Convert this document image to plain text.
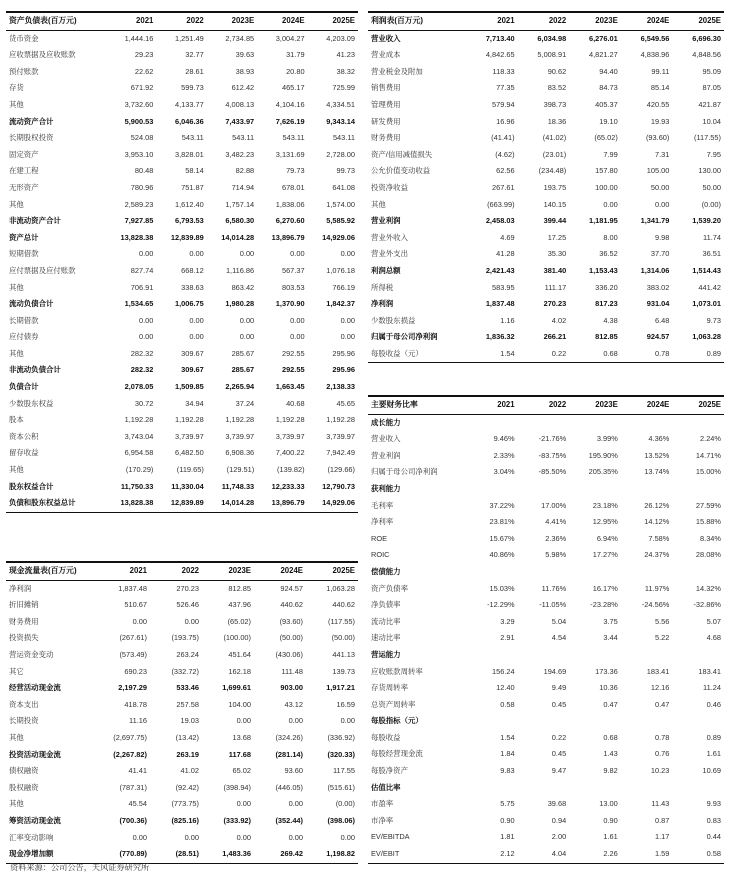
资产负债表(百万元)	2021	2022	2023E	2024E	2025E
货币资金	1,444.16	1,251.49	2,734.85	3,004.27	4,203.09
应收票据及应收账款	29.23	32.77	39.63	31.79	41.23
预付账款	22.62	28.61	38.93	20.80	38.32
存货	671.92	599.73	612.42	465.17	725.99
其他	3,732.60	4,133.77	4,008.13	4,104.16	4,334.51
流动资产合计	5,900.53	6,046.36	7,433.97	7,626.19	9,343.14
长期股权投资	524.08	543.11	543.11	543.11	543.11
固定资产	3,953.10	3,828.01	3,482.23	3,131.69	2,728.00
在建工程	80.48	58.14	82.88	79.73	99.73
无形资产	780.96	751.87	714.94	678.01	641.08
其他	2,589.23	1,612.40	1,757.14	1,838.06	1,574.00
非流动资产合计	7,927.85	6,793.53	6,580.30	6,270.60	5,585.92
资产总计	13,828.38	12,839.89	14,014.28	13,896.79	14,929.06
短期借款	0.00	0.00	0.00	0.00	0.00
应付票据及应付账款	827.74	668.12	1,116.86	567.37	1,076.18
其他	706.91	338.63	863.42	803.53	766.19
流动负债合计	1,534.65	1,006.75	1,980.28	1,370.90	1,842.37
长期借款	0.00	0.00	0.00	0.00	0.00
应付债券	0.00	0.00	0.00	0.00	0.00
其他	282.32	309.67	285.67	292.55	295.96
非流动负债合计	282.32	309.67	285.67	292.55	295.96
负债合计	2,078.05	1,509.85	2,265.94	1,663.45	2,138.33
少数股东权益	30.72	34.94	37.24	40.68	45.65
股本	1,192.28	1,192.28	1,192.28	1,192.28	1,192.28
资本公积	3,743.04	3,739.97	3,739.97	3,739.97	3,739.97
留存收益	6,954.58	6,482.50	6,908.36	7,400.22	7,942.49
其他	(170.29)	(119.65)	(129.51)	(139.82)	(129.66)
股东权益合计	11,750.33	11,330.04	11,748.33	12,233.33	12,790.73
负债和股东权益总计	13,828.38	12,839.89	14,014.28	13,896.79	14,929.06
利润表(百万元)	2021	2022	2023E	2024E	2025E
营业收入	7,713.40	6,034.98	6,276.01	6,549.56	6,696.30
营业成本	4,842.65	5,008.91	4,821.27	4,838.96	4,848.56
营业税金及附加	118.33	90.62	94.40	99.11	95.09
销售费用	77.35	83.52	84.73	85.14	87.05
管理费用	579.94	398.73	405.37	420.55	421.87
研发费用	16.96	18.36	19.10	19.93	10.04
财务费用	(41.41)	(41.02)	(65.02)	(93.60)	(117.55)
资产/信用减值损失	(4.62)	(23.01)	7.99	7.31	7.95
公允价值变动收益	62.56	(234.48)	157.80	105.00	130.00
投资净收益	267.61	193.75	100.00	50.00	50.00
其他	(663.99)	140.15	0.00	0.00	(0.00)
营业利润	2,458.03	399.44	1,181.95	1,341.79	1,539.20
营业外收入	4.69	17.25	8.00	9.98	11.74
营业外支出	41.28	35.30	36.52	37.70	36.51
利润总额	2,421.43	381.40	1,153.43	1,314.06	1,514.43
所得税	583.95	111.17	336.20	383.02	441.42
净利润	1,837.48	270.23	817.23	931.04	1,073.01
少数股东损益	1.16	4.02	4.38	6.48	9.73
归属于母公司净利润	1,836.32	266.21	812.85	924.57	1,063.28
每股收益（元）	1.54	0.22	0.68	0.78	0.89
主要财务比率	2021	2022	2023E	2024E	2025E
成长能力					
营业收入	9.46%	-21.76%	3.99%	4.36%	2.24%
营业利润	2.33%	-83.75%	195.90%	13.52%	14.71%
归属于母公司净利润	3.04%	-85.50%	205.35%	13.74%	15.00%
获利能力					
毛利率	37.22%	17.00%	23.18%	26.12%	27.59%
净利率	23.81%	4.41%	12.95%	14.12%	15.88%
ROE	15.67%	2.36%	6.94%	7.58%	8.34%
ROIC	40.86%	5.98%	17.27%	24.37%	28.08%
偿债能力					
资产负债率	15.03%	11.76%	16.17%	11.97%	14.32%
净负债率	-12.29%	-11.05%	-23.28%	-24.56%	-32.86%
流动比率	3.29	5.04	3.75	5.56	5.07
速动比率	2.91	4.54	3.44	5.22	4.68
营运能力					
应收账款周转率	156.24	194.69	173.36	183.41	183.41
存货周转率	12.40	9.49	10.36	12.16	11.24
总资产周转率	0.58	0.45	0.47	0.47	0.46
每股指标（元）					
每股收益	1.54	0.22	0.68	0.78	0.89
每股经营现金流	1.84	0.45	1.43	0.76	1.61
每股净资产	9.83	9.47	9.82	10.23	10.69
估值比率					
市盈率	5.75	39.68	13.00	11.43	9.93
市净率	0.90	0.94	0.90	0.87	0.83
EV/EBITDA	1.81	2.00	1.61	1.17	0.44
EV/EBIT	2.12	4.04	2.26	1.59	0.58
现金流量表(百万元)	2021	2022	2023E	2024E	2025E
净利润	1,837.48	270.23	812.85	924.57	1,063.28
折旧摊销	510.67	526.46	437.96	440.62	440.62
财务费用	0.00	0.00	(65.02)	(93.60)	(117.55)
投资损失	(267.61)	(193.75)	(100.00)	(50.00)	(50.00)
营运资金变动	(573.49)	263.24	451.64	(430.06)	441.13
其它	690.23	(332.72)	162.18	111.48	139.73
经营活动现金流	2,197.29	533.46	1,699.61	903.00	1,917.21
资本支出	418.78	257.58	104.00	43.12	16.59
长期投资	11.16	19.03	0.00	0.00	0.00
其他	(2,697.75)	(13.42)	13.68	(324.26)	(336.92)
投资活动现金流	(2,267.82)	263.19	117.68	(281.14)	(320.33)
债权融资	41.41	41.02	65.02	93.60	117.55
股权融资	(787.31)	(92.42)	(398.94)	(446.05)	(515.61)
其他	45.54	(773.75)	0.00	0.00	(0.00)
筹资活动现金流	(700.36)	(825.16)	(333.92)	(352.44)	(398.06)
汇率变动影响	0.00	0.00	0.00	0.00	0.00
现金净增加额	(770.89)	(28.51)	1,483.36	269.42	1,198.82
资料来源：公司公告，天风证券研究所
